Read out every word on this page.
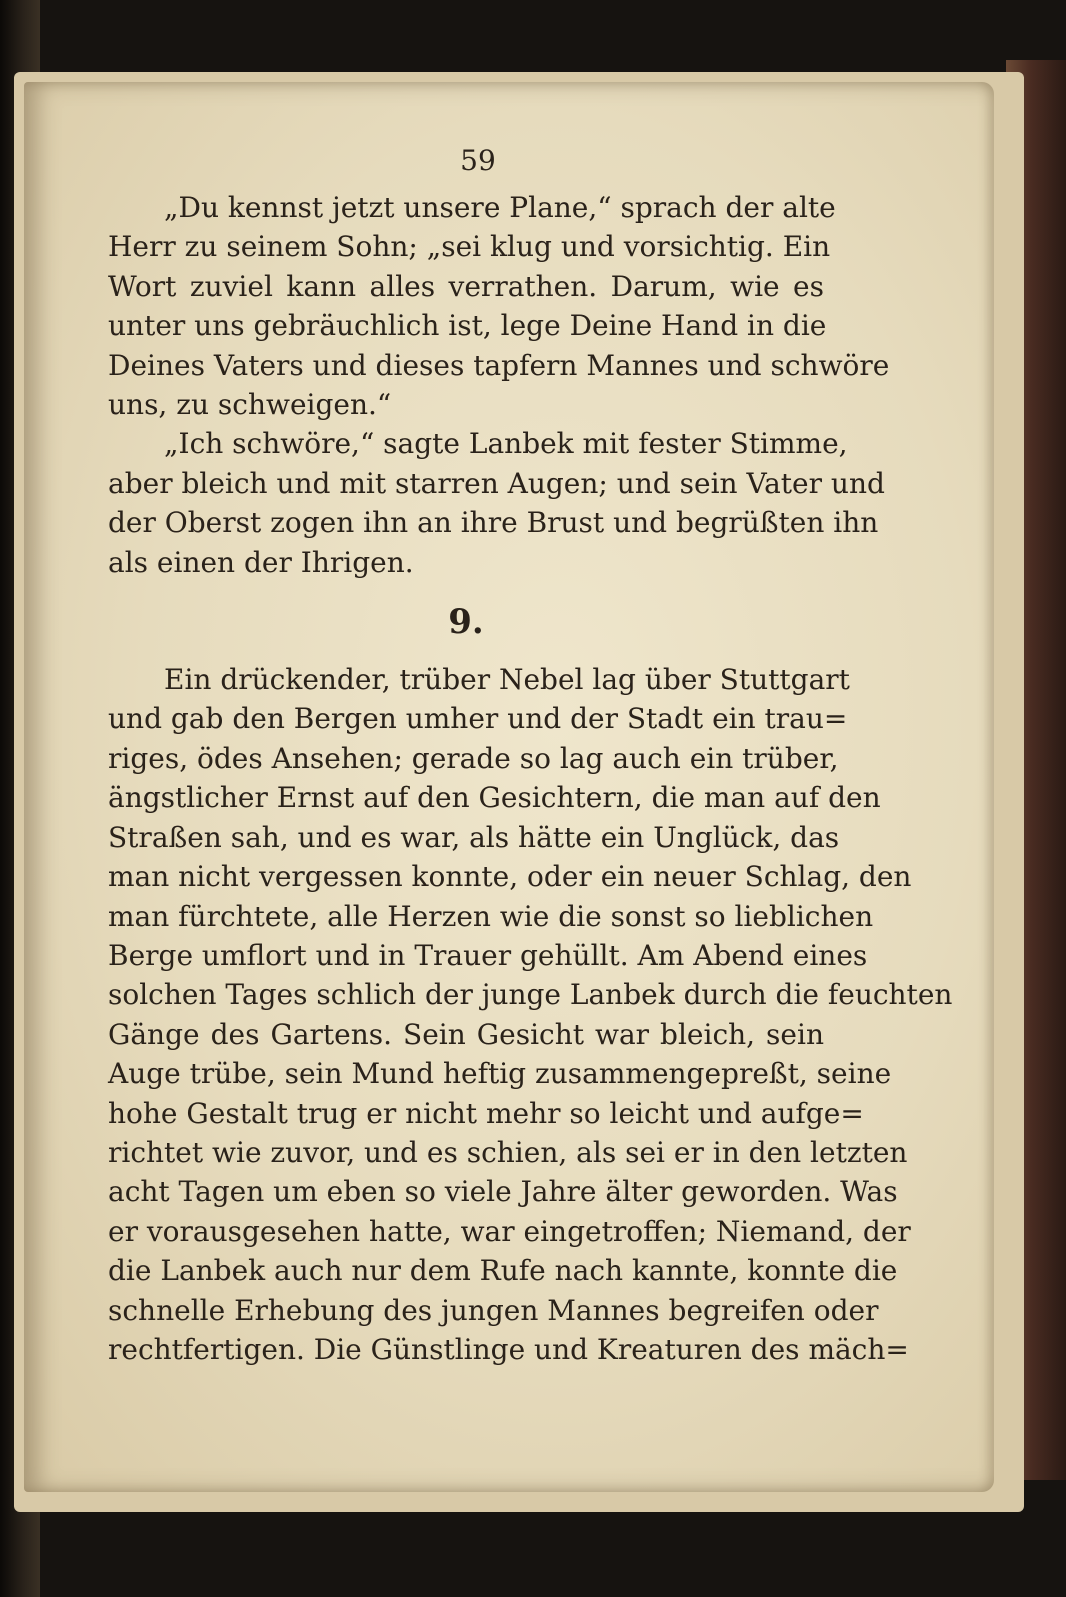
59
„Du kennst jetzt unsere Plane,“ sprach der alte
Herr zu seinem Sohn; „sei klug und vorsichtig. Ein
Wort zuviel kann alles verrathen. Darum, wie es
unter uns gebräuchlich ist, lege Deine Hand in die
Deines Vaters und dieses tapfern Mannes und schwöre
uns, zu schweigen.“
„Ich schwöre,“ sagte Lanbek mit fester Stimme,
aber bleich und mit starren Augen; und sein Vater und
der Oberst zogen ihn an ihre Brust und begrüßten ihn
als einen der Ihrigen.
9.
Ein drückender, trüber Nebel lag über Stuttgart
und gab den Bergen umher und der Stadt ein trau=
riges, ödes Ansehen; gerade so lag auch ein trüber,
ängstlicher Ernst auf den Gesichtern, die man auf den
Straßen sah, und es war, als hätte ein Unglück, das
man nicht vergessen konnte, oder ein neuer Schlag, den
man fürchtete, alle Herzen wie die sonst so lieblichen
Berge umflort und in Trauer gehüllt. Am Abend eines
solchen Tages schlich der junge Lanbek durch die feuchten
Gänge des Gartens. Sein Gesicht war bleich, sein
Auge trübe, sein Mund heftig zusammengepreßt, seine
hohe Gestalt trug er nicht mehr so leicht und aufge=
richtet wie zuvor, und es schien, als sei er in den letzten
acht Tagen um eben so viele Jahre älter geworden. Was
er vorausgesehen hatte, war eingetroffen; Niemand, der
die Lanbek auch nur dem Rufe nach kannte, konnte die
schnelle Erhebung des jungen Mannes begreifen oder
rechtfertigen. Die Günstlinge und Kreaturen des mäch=
